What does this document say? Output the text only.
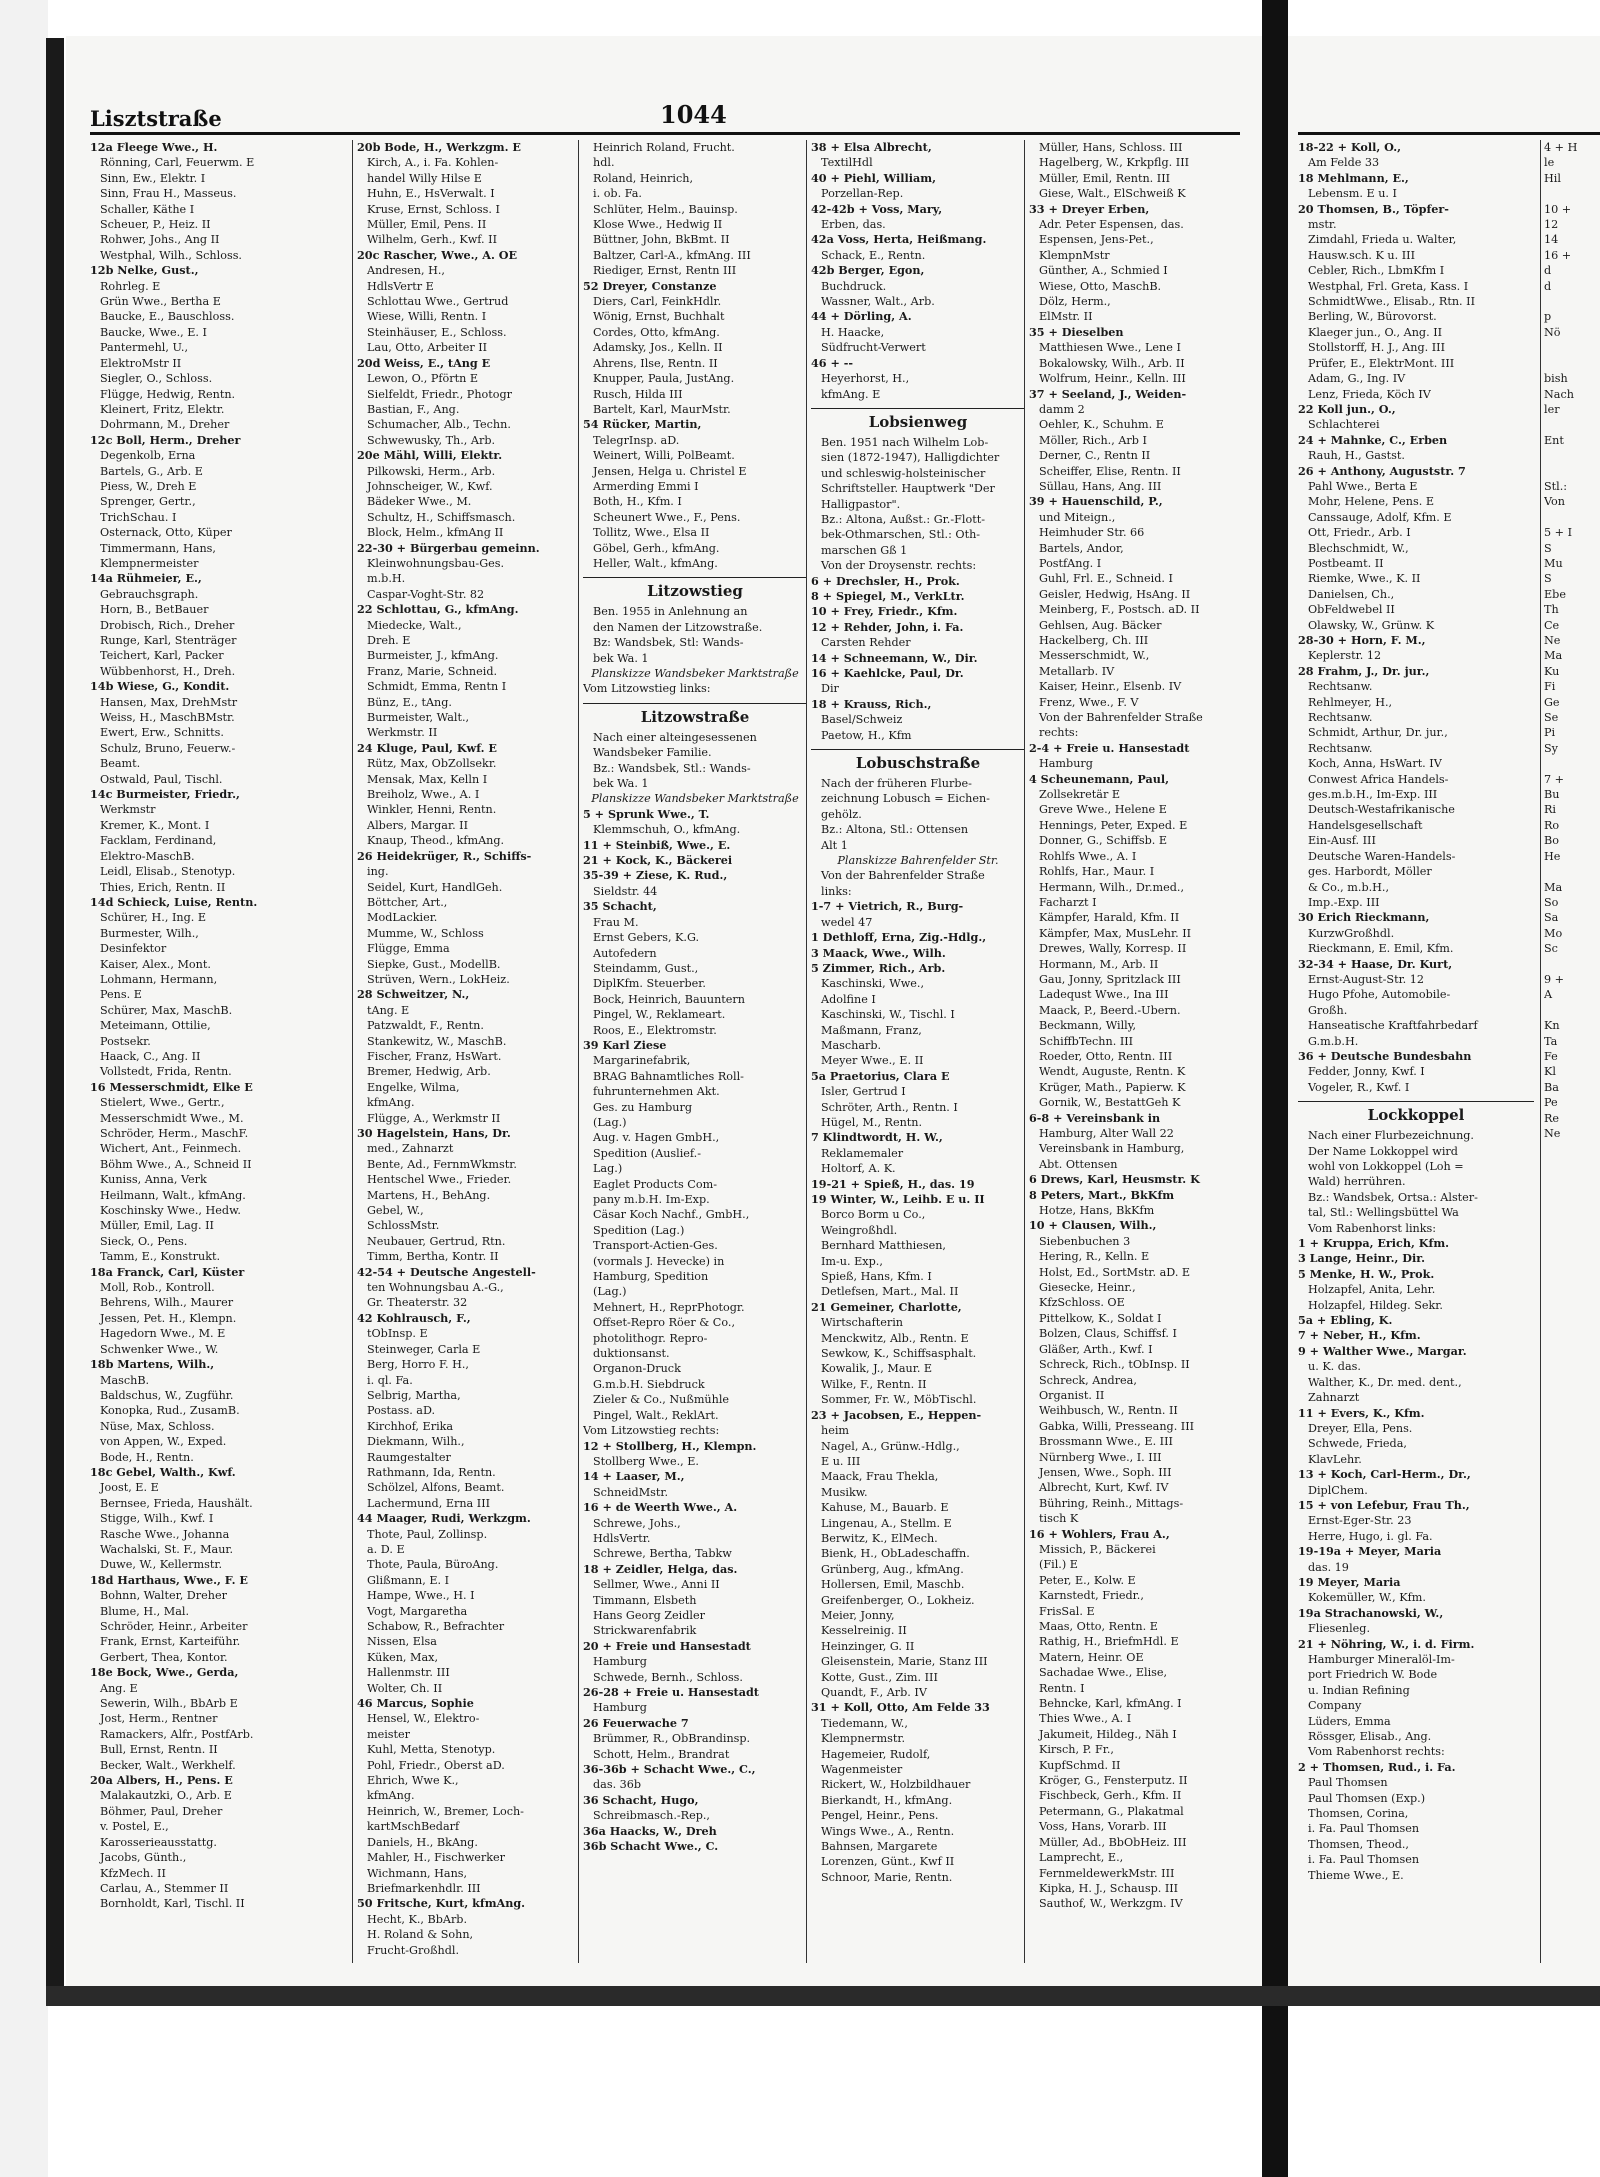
Lisztstraße	1044
12a Fleege Wwe., H.
Rönning, Carl, Feuerwm. E
Sinn, Ew., Elektr. I
Sinn, Frau H., Masseus.
Schaller, Käthe I
Scheuer, P., Heiz. II
Rohwer, Johs., Ang II
Westphal, Wilh., Schloss.
12b Nelke, Gust.,
Rohrleg. E
Grün Wwe., Bertha E
Baucke, E., Bauschloss.
Baucke, Wwe., E. I
Pantermehl, U.,
ElektroMstr II
Siegler, O., Schloss.
Flügge, Hedwig, Rentn.
Kleinert, Fritz, Elektr.
Dohrmann, M., Dreher
12c Boll, Herm., Dreher
Degenkolb, Erna
Bartels, G., Arb. E
Piess, W., Dreh E
Sprenger, Gertr.,
TrichSchau. I
Osternack, Otto, Küper
Timmermann, Hans,
Klempnermeister
14a Rühmeier, E.,
Gebrauchsgraph.
Horn, B., BetBauer
Drobisch, Rich., Dreher
Runge, Karl, Stenträger
Teichert, Karl, Packer
Wübbenhorst, H., Dreh.
14b Wiese, G., Kondit.
Hansen, Max, DrehMstr
Weiss, H., MaschBMstr.
Ewert, Erw., Schnitts.
Schulz, Bruno, Feuerw.-
Beamt.
Ostwald, Paul, Tischl.
14c Burmeister, Friedr.,
Werkmstr
Kremer, K., Mont. I
Facklam, Ferdinand,
Elektro-MaschB.
Leidl, Elisab., Stenotyp.
Thies, Erich, Rentn. II
14d Schieck, Luise, Rentn.
Schürer, H., Ing. E
Burmester, Wilh.,
Desinfektor
Kaiser, Alex., Mont.
Lohmann, Hermann,
Pens. E
Schürer, Max, MaschB.
Meteimann, Ottilie,
Postsekr.
Haack, C., Ang. II
Vollstedt, Frida, Rentn.
16 Messerschmidt, Elke E
Stielert, Wwe., Gertr.,
Messerschmidt Wwe., M.
Schröder, Herm., MaschF.
Wichert, Ant., Feinmech.
Böhm Wwe., A., Schneid II
Kuniss, Anna, Verk
Heilmann, Walt., kfmAng.
Koschinsky Wwe., Hedw.
Müller, Emil, Lag. II
Sieck, O., Pens.
Tamm, E., Konstrukt.
18a Franck, Carl, Küster
Moll, Rob., Kontroll.
Behrens, Wilh., Maurer
Jessen, Pet. H., Klempn.
Hagedorn Wwe., M. E
Schwenker Wwe., W.
18b Martens, Wilh.,
MaschB.
Baldschus, W., Zugführ.
Konopka, Rud., ZusamB.
Nüse, Max, Schloss.
von Appen, W., Exped.
Bode, H., Rentn.
18c Gebel, Walth., Kwf.
Joost, E. E
Bernsee, Frieda, Haushält.
Stigge, Wilh., Kwf. I
Rasche Wwe., Johanna
Wachalski, St. F., Maur.
Duwe, W., Kellermstr.
18d Harthaus, Wwe., F. E
Bohnn, Walter, Dreher
Blume, H., Mal.
Schröder, Heinr., Arbeiter
Frank, Ernst, Karteiführ.
Gerbert, Thea, Kontor.
18e Bock, Wwe., Gerda,
Ang. E
Sewerin, Wilh., BbArb E
Jost, Herm., Rentner
Ramackers, Alfr., PostfArb.
Bull, Ernst, Rentn. II
Becker, Walt., Werkhelf.
20a Albers, H., Pens. E
Malakautzki, O., Arb. E
Böhmer, Paul, Dreher
v. Postel, E.,
Karosserieausstattg.
Jacobs, Günth.,
KfzMech. II
Carlau, A., Stemmer II
Bornholdt, Karl, Tischl. II
20b Bode, H., Werkzgm. E
Kirch, A., i. Fa. Kohlen-
handel Willy Hilse E
Huhn, E., HsVerwalt. I
Kruse, Ernst, Schloss. I
Müller, Emil, Pens. II
Wilhelm, Gerh., Kwf. II
20c Rascher, Wwe., A. OE
Andresen, H.,
HdlsVertr E
Schlottau Wwe., Gertrud
Wiese, Willi, Rentn. I
Steinhäuser, E., Schloss.
Lau, Otto, Arbeiter II
20d Weiss, E., tAng E
Lewon, O., Pförtn E
Sielfeldt, Friedr., Photogr
Bastian, F., Ang.
Schumacher, Alb., Techn.
Schwewusky, Th., Arb.
20e Mähl, Willi, Elektr.
Pilkowski, Herm., Arb.
Johnscheiger, W., Kwf.
Bädeker Wwe., M.
Schultz, H., Schiffsmasch.
Block, Helm., kfmAng II
22-30 + Bürgerbau gemeinn.
Kleinwohnungsbau-Ges.
m.b.H.
Caspar-Voght-Str. 82
22 Schlottau, G., kfmAng.
Miedecke, Walt.,
Dreh. E
Burmeister, J., kfmAng.
Franz, Marie, Schneid.
Schmidt, Emma, Rentn I
Bünz, E., tAng.
Burmeister, Walt.,
Werkmstr. II
24 Kluge, Paul, Kwf. E
Rütz, Max, ObZollsekr.
Mensak, Max, Kelln I
Breiholz, Wwe., A. I
Winkler, Henni, Rentn.
Albers, Margar. II
Knaup, Theod., kfmAng.
26 Heidekrüger, R., Schiffs-
ing.
Seidel, Kurt, HandlGeh.
Böttcher, Art.,
ModLackier.
Mumme, W., Schloss
Flügge, Emma
Siepke, Gust., ModellB.
Strüven, Wern., LokHeiz.
28 Schweitzer, N.,
tAng. E
Patzwaldt, F., Rentn.
Stankewitz, W., MaschB.
Fischer, Franz, HsWart.
Bremer, Hedwig, Arb.
Engelke, Wilma,
kfmAng.
Flügge, A., Werkmstr II
30 Hagelstein, Hans, Dr.
med., Zahnarzt
Bente, Ad., FernmWkmstr.
Hentschel Wwe., Frieder.
Martens, H., BehAng.
Gebel, W.,
SchlossMstr.
Neubauer, Gertrud, Rtn.
Timm, Bertha, Kontr. II
42-54 + Deutsche Angestell-
ten Wohnungsbau A.-G.,
Gr. Theaterstr. 32
42 Kohlrausch, F.,
tObInsp. E
Steinweger, Carla E
Berg, Horro F. H.,
i. ql. Fa.
Selbrig, Martha,
Postass. aD.
Kirchhof, Erika
Diekmann, Wilh.,
Raumgestalter
Rathmann, Ida, Rentn.
Schölzel, Alfons, Beamt.
Lachermund, Erna III
44 Maager, Rudi, Werkzgm.
Thote, Paul, Zollinsp.
a. D. E
Thote, Paula, BüroAng.
Glißmann, E. I
Hampe, Wwe., H. I
Vogt, Margaretha
Schabow, R., Befrachter
Nissen, Elsa
Küken, Max,
Hallenmstr. III
Wolter, Ch. II
46 Marcus, Sophie
Hensel, W., Elektro-
meister
Kuhl, Metta, Stenotyp.
Pohl, Friedr., Oberst aD.
Ehrich, Wwe K.,
kfmAng.
Heinrich, W., Bremer, Loch-
kartMschBedarf
Daniels, H., BkAng.
Mahler, H., Fischwerker
Wichmann, Hans,
Briefmarkenhdlr. III
50 Fritsche, Kurt, kfmAng.
Hecht, K., BbArb.
H. Roland & Sohn,
Frucht-Großhdl.
Heinrich Roland, Frucht.
hdl.
Roland, Heinrich,
i. ob. Fa.
Schlüter, Helm., Bauinsp.
Klose Wwe., Hedwig II
Büttner, John, BkBmt. II
Baltzer, Carl-A., kfmAng. III
Riediger, Ernst, Rentn III
52 Dreyer, Constanze
Diers, Carl, FeinkHdlr.
Wönig, Ernst, Buchhalt
Cordes, Otto, kfmAng.
Adamsky, Jos., Kelln. II
Ahrens, Ilse, Rentn. II
Knupper, Paula, JustAng.
Rusch, Hilda III
Bartelt, Karl, MaurMstr.
54 Rücker, Martin,
TelegrInsp. aD.
Weinert, Willi, PolBeamt.
Jensen, Helga u. Christel E
Armerding Emmi I
Both, H., Kfm. I
Scheunert Wwe., F., Pens.
Tollitz, Wwe., Elsa II
Göbel, Gerh., kfmAng.
Heller, Walt., kfmAng.
Litzowstieg
Ben. 1955 in Anlehnung an
den Namen der Litzowstraße.
Bz: Wandsbek, Stl: Wands-
bek Wa. 1
Planskizze Wandsbeker Marktstraße
Vom Litzowstieg links:
Litzowstraße
Nach einer alteingesessenen
Wandsbeker Familie.
Bz.: Wandsbek, Stl.: Wands-
bek Wa. 1
Planskizze Wandsbeker Marktstraße
5 + Sprunk Wwe., T.
Klemmschuh, O., kfmAng.
11 + Steinbiß, Wwe., E.
21 + Kock, K., Bäckerei
35-39 + Ziese, K. Rud.,
Sieldstr. 44
35 Schacht,
Frau M.
Ernst Gebers, K.G.
Autofedern
Steindamm, Gust.,
DiplKfm. Steuerber.
Bock, Heinrich, Bauuntern
Pingel, W., Reklameart.
Roos, E., Elektromstr.
39 Karl Ziese
Margarinefabrik,
BRAG Bahnamtliches Roll-
fuhrunternehmen Akt.
Ges. zu Hamburg
(Lag.)
Aug. v. Hagen GmbH.,
Spedition (Auslief.-
Lag.)
Eaglet Products Com-
pany m.b.H. Im-Exp.
Cäsar Koch Nachf., GmbH.,
Spedition (Lag.)
Transport-Actien-Ges.
(vormals J. Hevecke) in
Hamburg, Spedition
(Lag.)
Mehnert, H., ReprPhotogr.
Offset-Repro Röer & Co.,
photolithogr. Repro-
duktionsanst.
Organon-Druck
G.m.b.H. Siebdruck
Zieler & Co., Nußmühle
Pingel, Walt., ReklArt.
Vom Litzowstieg rechts:
12 + Stollberg, H., Klempn.
Stollberg Wwe., E.
14 + Laaser, M.,
SchneidMstr.
16 + de Weerth Wwe., A.
Schrewe, Johs.,
HdlsVertr.
Schrewe, Bertha, Tabkw
18 + Zeidler, Helga, das.
Sellmer, Wwe., Anni II
Timmann, Elsbeth
Hans Georg Zeidler
Strickwarenfabrik
20 + Freie und Hansestadt
Hamburg
Schwede, Bernh., Schloss.
26-28 + Freie u. Hansestadt
Hamburg
26 Feuerwache 7
Brümmer, R., ObBrandinsp.
Schott, Helm., Brandrat
36-36b + Schacht Wwe., C.,
das. 36b
36 Schacht, Hugo,
Schreibmasch.-Rep.,
36a Haacks, W., Dreh
36b Schacht Wwe., C.
38 + Elsa Albrecht,
TextilHdl
40 + Piehl, William,
Porzellan-Rep.
42-42b + Voss, Mary,
Erben, das.
42a Voss, Herta, Heißmang.
Schack, E., Rentn.
42b Berger, Egon,
Buchdruck.
Wassner, Walt., Arb.
44 + Dörling, A.
H. Haacke,
Südfrucht-Verwert
46 + --
Heyerhorst, H.,
kfmAng. E
Lobsienweg
Ben. 1951 nach Wilhelm Lob-
sien (1872-1947), Halligdichter
und schleswig-holsteinischer
Schriftsteller. Hauptwerk "Der
Halligpastor".
Bz.: Altona, Außst.: Gr.-Flott-
bek-Othmarschen, Stl.: Oth-
marschen Gß 1
Von der Droysenstr. rechts:
6 + Drechsler, H., Prok.
8 + Spiegel, M., VerkLtr.
10 + Frey, Friedr., Kfm.
12 + Rehder, John, i. Fa.
Carsten Rehder
14 + Schneemann, W., Dir.
16 + Kaehlcke, Paul, Dr.
Dir
18 + Krauss, Rich.,
Basel/Schweiz
Paetow, H., Kfm
Lobuschstraße
Nach der früheren Flurbe-
zeichnung Lobusch = Eichen-
gehölz.
Bz.: Altona, Stl.: Ottensen
Alt 1
Planskizze Bahrenfelder Str.
Von der Bahrenfelder Straße
links:
1-7 + Vietrich, R., Burg-
wedel 47
1 Dethloff, Erna, Zig.-Hdlg.,
3 Maack, Wwe., Wilh.
5 Zimmer, Rich., Arb.
Kaschinski, Wwe.,
Adolfine I
Kaschinski, W., Tischl. I
Maßmann, Franz,
Mascharb.
Meyer Wwe., E. II
5a Praetorius, Clara E
Isler, Gertrud I
Schröter, Arth., Rentn. I
Hügel, M., Rentn.
7 Klindtwordt, H. W.,
Reklamemaler
Holtorf, A. K.
19-21 + Spieß, H., das. 19
19 Winter, W., Leihb. E u. II
Borco Borm u Co.,
Weingroßhdl.
Bernhard Matthiesen,
Im-u. Exp.,
Spieß, Hans, Kfm. I
Detlefsen, Mart., Mal. II
21 Gemeiner, Charlotte,
Wirtschafterin
Menckwitz, Alb., Rentn. E
Sewkow, K., Schiffsasphalt.
Kowalik, J., Maur. E
Wilke, F., Rentn. II
Sommer, Fr. W., MöbTischl.
23 + Jacobsen, E., Heppen-
heim
Nagel, A., Grünw.-Hdlg.,
E u. III
Maack, Frau Thekla,
Musikw.
Kahuse, M., Bauarb. E
Lingenau, A., Stellm. E
Berwitz, K., ElMech.
Bienk, H., ObLadeschaffn.
Grünberg, Aug., kfmAng.
Hollersen, Emil, Maschb.
Greifenberger, O., Lokheiz.
Meier, Jonny,
Kesselreinig. II
Heinzinger, G. II
Gleisenstein, Marie, Stanz III
Kotte, Gust., Zim. III
Quandt, F., Arb. IV
31 + Koll, Otto, Am Felde 33
Tiedemann, W.,
Klempnermstr.
Hagemeier, Rudolf,
Wagenmeister
Rickert, W., Holzbildhauer
Bierkandt, H., kfmAng.
Pengel, Heinr., Pens.
Wings Wwe., A., Rentn.
Bahnsen, Margarete
Lorenzen, Günt., Kwf II
Schnoor, Marie, Rentn.
Müller, Hans, Schloss. III
Hagelberg, W., Krkpflg. III
Müller, Emil, Rentn. III
Giese, Walt., ElSchweiß K
33 + Dreyer Erben,
Adr. Peter Espensen, das.
Espensen, Jens-Pet.,
KlempnMstr
Günther, A., Schmied I
Wiese, Otto, MaschB.
Dölz, Herm.,
ElMstr. II
35 + Dieselben
Matthiesen Wwe., Lene I
Bokalowsky, Wilh., Arb. II
Wolfrum, Heinr., Kelln. III
37 + Seeland, J., Weiden-
damm 2
Oehler, K., Schuhm. E
Möller, Rich., Arb I
Derner, C., Rentn II
Scheiffer, Elise, Rentn. II
Süllau, Hans, Ang. III
39 + Hauenschild, P.,
und Miteign.,
Heimhuder Str. 66
Bartels, Andor,
PostfAng. I
Guhl, Frl. E., Schneid. I
Geisler, Hedwig, HsAng. II
Meinberg, F., Postsch. aD. II
Gehlsen, Aug. Bäcker
Hackelberg, Ch. III
Messerschmidt, W.,
Metallarb. IV
Kaiser, Heinr., Elsenb. IV
Frenz, Wwe., F. V
Von der Bahrenfelder Straße
rechts:
2-4 + Freie u. Hansestadt
Hamburg
4 Scheunemann, Paul,
Zollsekretär E
Greve Wwe., Helene E
Hennings, Peter, Exped. E
Donner, G., Schiffsb. E
Rohlfs Wwe., A. I
Rohlfs, Har., Maur. I
Hermann, Wilh., Dr.med.,
Facharzt I
Kämpfer, Harald, Kfm. II
Kämpfer, Max, MusLehr. II
Drewes, Wally, Korresp. II
Hormann, M., Arb. II
Gau, Jonny, Spritzlack III
Ladequst Wwe., Ina III
Maack, P., Beerd.-Ubern.
Beckmann, Willy,
SchiffbTechn. III
Roeder, Otto, Rentn. III
Wendt, Auguste, Rentn. K
Krüger, Math., Papierw. K
Gornik, W., BestattGeh K
6-8 + Vereinsbank in
Hamburg, Alter Wall 22
Vereinsbank in Hamburg,
Abt. Ottensen
6 Drews, Karl, Heusmstr. K
8 Peters, Mart., BkKfm
Hotze, Hans, BkKfm
10 + Clausen, Wilh.,
Siebenbuchen 3
Hering, R., Kelln. E
Holst, Ed., SortMstr. aD. E
Giesecke, Heinr.,
KfzSchloss. OE
Pittelkow, K., Soldat I
Bolzen, Claus, Schiffsf. I
Gläßer, Arth., Kwf. I
Schreck, Rich., tObInsp. II
Schreck, Andrea,
Organist. II
Weihbusch, W., Rentn. II
Gabka, Willi, Presseang. III
Brossmann Wwe., E. III
Nürnberg Wwe., I. III
Jensen, Wwe., Soph. III
Albrecht, Kurt, Kwf. IV
Bühring, Reinh., Mittags-
tisch K
16 + Wohlers, Frau A.,
Missich, P., Bäckerei
(Fil.) E
Peter, E., Kolw. E
Karnstedt, Friedr.,
FrisSal. E
Maas, Otto, Rentn. E
Rathig, H., BriefmHdl. E
Matern, Heinr. OE
Sachadae Wwe., Elise,
Rentn. I
Behncke, Karl, kfmAng. I
Thies Wwe., A. I
Jakumeit, Hildeg., Näh I
Kirsch, P. Fr.,
KupfSchmd. II
Kröger, G., Fensterputz. II
Fischbeck, Gerh., Kfm. II
Petermann, G., Plakatmal
Voss, Hans, Vorarb. III
Müller, Ad., BbObHeiz. III
Lamprecht, E.,
FernmeldewerkMstr. III
Kipka, H. J., Schausp. III
Sauthof, W., Werkzgm. IV
18-22 + Koll, O.,
Am Felde 33
18 Mehlmann, E.,
Lebensm. E u. I
20 Thomsen, B., Töpfer-
mstr.
Zimdahl, Frieda u. Walter,
Hausw.sch. K u. III
Cebler, Rich., LbmKfm I
Westphal, Frl. Greta, Kass. I
SchmidtWwe., Elisab., Rtn. II
Berling, W., Bürovorst.
Klaeger jun., O., Ang. II
Stollstorff, H. J., Ang. III
Prüfer, E., ElektrMont. III
Adam, G., Ing. IV
Lenz, Frieda, Köch IV
22 Koll jun., O.,
Schlachterei
24 + Mahnke, C., Erben
Rauh, H., Gastst.
26 + Anthony, Auguststr. 7
Pahl Wwe., Berta E
Mohr, Helene, Pens. E
Canssauge, Adolf, Kfm. E
Ott, Friedr., Arb. I
Blechschmidt, W.,
Postbeamt. II
Riemke, Wwe., K. II
Danielsen, Ch.,
ObFeldwebel II
Olawsky, W., Grünw. K
28-30 + Horn, F. M.,
Keplerstr. 12
28 Frahm, J., Dr. jur.,
Rechtsanw.
Rehlmeyer, H.,
Rechtsanw.
Schmidt, Arthur, Dr. jur.,
Rechtsanw.
Koch, Anna, HsWart. IV
Conwest Africa Handels-
ges.m.b.H., Im-Exp. III
Deutsch-Westafrikanische
Handelsgesellschaft
Ein-Ausf. III
Deutsche Waren-Handels-
ges. Harbordt, Möller
& Co., m.b.H.,
Imp.-Exp. III
30 Erich Rieckmann,
KurzwGroßhdl.
Rieckmann, E. Emil, Kfm.
32-34 + Haase, Dr. Kurt,
Ernst-August-Str. 12
Hugo Pfohe, Automobile-
Großh.
Hanseatische Kraftfahrbedarf
G.m.b.H.
36 + Deutsche Bundesbahn
Fedder, Jonny, Kwf. I
Vogeler, R., Kwf. I
Lockkoppel
Nach einer Flurbezeichnung.
Der Name Lokkoppel wird
wohl von Lokkoppel (Loh =
Wald) herrühren.
Bz.: Wandsbek, Ortsa.: Alster-
tal, Stl.: Wellingsbüttel Wa
Vom Rabenhorst links:
1 + Kruppa, Erich, Kfm.
3 Lange, Heinr., Dir.
5 Menke, H. W., Prok.
Holzapfel, Anita, Lehr.
Holzapfel, Hildeg. Sekr.
5a + Ebling, K.
7 + Neber, H., Kfm.
9 + Walther Wwe., Margar.
u. K. das.
Walther, K., Dr. med. dent.,
Zahnarzt
11 + Evers, K., Kfm.
Dreyer, Ella, Pens.
Schwede, Frieda,
KlavLehr.
13 + Koch, Carl-Herm., Dr.,
DiplChem.
15 + von Lefebur, Frau Th.,
Ernst-Eger-Str. 23
Herre, Hugo, i. gl. Fa.
19-19a + Meyer, Maria
das. 19
19 Meyer, Maria
Kokemüller, W., Kfm.
19a Strachanowski, W.,
Fliesenleg.
21 + Nöhring, W., i. d. Firm.
Hamburger Mineralöl-Im-
port Friedrich W. Bode
u. Indian Refining
Company
Lüders, Emma
Rössger, Elisab., Ang.
Vom Rabenhorst rechts:
2 + Thomsen, Rud., i. Fa.
Paul Thomsen
Paul Thomsen (Exp.)
Thomsen, Corina,
i. Fa. Paul Thomsen
Thomsen, Theod.,
i. Fa. Paul Thomsen
Thieme Wwe., E.
4 + H
le
Hil

10 +
12
14
16 +
d
d

p
Nö

bish
Nach
ler

Ent

Stl.:
Von

5 + I
S
Mu
S
Ebe
Th
Ce
Ne
Ma
Ku
Fi
Ge
Se
Pi
Sy

7 +
Bu
Ri
Ro
Bo
He

Ma
So
Sa
Mo
Sc

9 +
A

Kn
Ta
Fe
Kl
Ba
Pe
Re
Ne
